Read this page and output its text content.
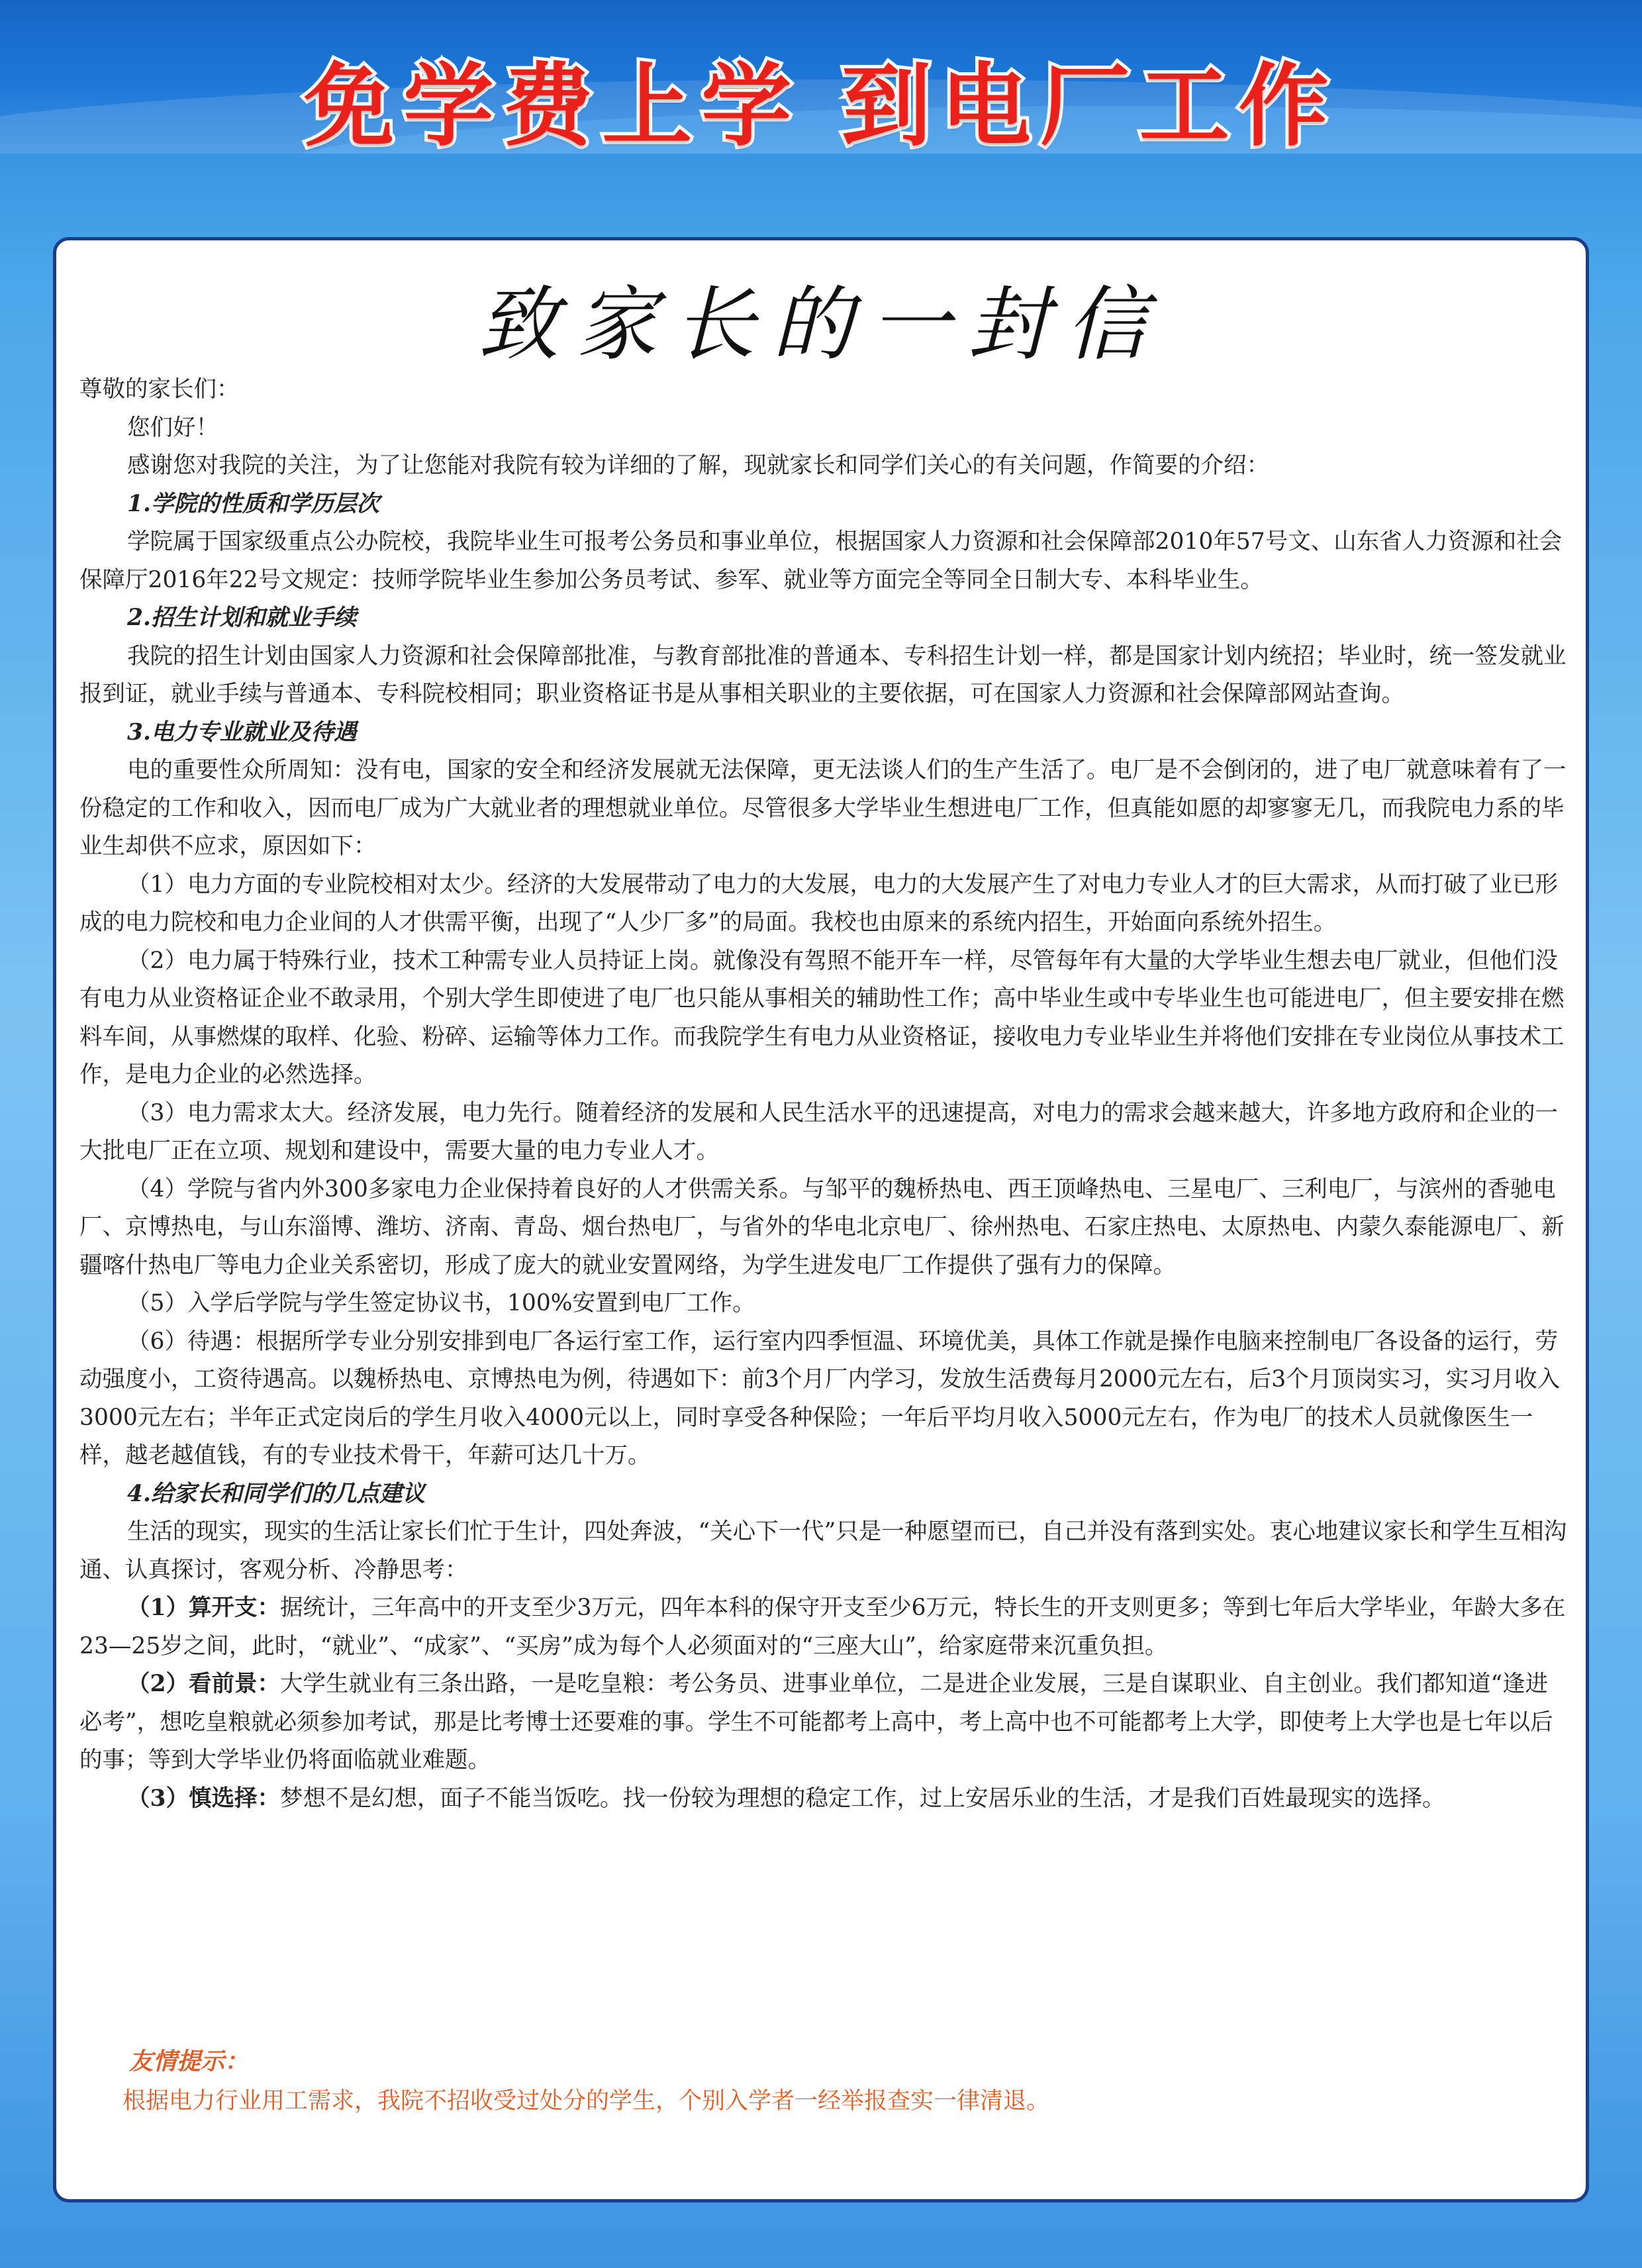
免学费上学 到电厂工作
致家长的一封信

尊敬的家长们：

您们好！

感谢您对我院的关注，为了让您能对我院有较为详细的了解，现就家长和同学们关心的有关问题，作简要的介绍：

1.学院的性质和学历层次

学院属于国家级重点公办院校，我院毕业生可报考公务员和事业单位，根据国家人力资源和社会保障部2010年57号文、山东省人力资源和社会保障厅2016年22号文规定：技师学院毕业生参加公务员考试、参军、就业等方面完全等同全日制大专、本科毕业生。

2.招生计划和就业手续

我院的招生计划由国家人力资源和社会保障部批准，与教育部批准的普通本、专科招生计划一样，都是国家计划内统招；毕业时，统一签发就业报到证，就业手续与普通本、专科院校相同；职业资格证书是从事相关职业的主要依据，可在国家人力资源和社会保障部网站查询。

3.电力专业就业及待遇

电的重要性众所周知：没有电，国家的安全和经济发展就无法保障，更无法谈人们的生产生活了。电厂是不会倒闭的，进了电厂就意味着有了一份稳定的工作和收入，因而电厂成为广大就业者的理想就业单位。尽管很多大学毕业生想进电厂工作，但真能如愿的却寥寥无几，而我院电力系的毕业生却供不应求，原因如下：

（1）电力方面的专业院校相对太少。经济的大发展带动了电力的大发展，电力的大发展产生了对电力专业人才的巨大需求，从而打破了业已形成的电力院校和电力企业间的人才供需平衡，出现了“人少厂多”的局面。我校也由原来的系统内招生，开始面向系统外招生。

（2）电力属于特殊行业，技术工种需专业人员持证上岗。就像没有驾照不能开车一样，尽管每年有大量的大学毕业生想去电厂就业，但他们没有电力从业资格证企业不敢录用，个别大学生即使进了电厂也只能从事相关的辅助性工作；高中毕业生或中专毕业生也可能进电厂，但主要安排在燃料车间，从事燃煤的取样、化验、粉碎、运输等体力工作。而我院学生有电力从业资格证，接收电力专业毕业生并将他们安排在专业岗位从事技术工作，是电力企业的必然选择。

（3）电力需求太大。经济发展，电力先行。随着经济的发展和人民生活水平的迅速提高，对电力的需求会越来越大，许多地方政府和企业的一大批电厂正在立项、规划和建设中，需要大量的电力专业人才。

（4）学院与省内外300多家电力企业保持着良好的人才供需关系。与邹平的魏桥热电、西王顶峰热电、三星电厂、三利电厂，与滨州的香驰电厂、京博热电，与山东淄博、潍坊、济南、青岛、烟台热电厂，与省外的华电北京电厂、徐州热电、石家庄热电、太原热电、内蒙久泰能源电厂、新疆喀什热电厂等电力企业关系密切，形成了庞大的就业安置网络，为学生进发电厂工作提供了强有力的保障。

（5）入学后学院与学生签定协议书，100%安置到电厂工作。

（6）待遇：根据所学专业分别安排到电厂各运行室工作，运行室内四季恒温、环境优美，具体工作就是操作电脑来控制电厂各设备的运行，劳动强度小，工资待遇高。以魏桥热电、京博热电为例，待遇如下：前3个月厂内学习，发放生活费每月2000元左右，后3个月顶岗实习，实习月收入3000元左右；半年正式定岗后的学生月收入4000元以上，同时享受各种保险；一年后平均月收入5000元左右，作为电厂的技术人员就像医生一样，越老越值钱，有的专业技术骨干，年薪可达几十万。

4.给家长和同学们的几点建议

生活的现实，现实的生活让家长们忙于生计，四处奔波，“关心下一代”只是一种愿望而已，自己并没有落到实处。衷心地建议家长和学生互相沟通、认真探讨，客观分析、冷静思考：

（1）算开支：据统计，三年高中的开支至少3万元，四年本科的保守开支至少6万元，特长生的开支则更多；等到七年后大学毕业，年龄大多在23—25岁之间，此时，“就业”、“成家”、“买房”成为每个人必须面对的“三座大山”，给家庭带来沉重负担。

（2）看前景：大学生就业有三条出路，一是吃皇粮：考公务员、进事业单位，二是进企业发展，三是自谋职业、自主创业。我们都知道“逢进必考”，想吃皇粮就必须参加考试，那是比考博士还要难的事。学生不可能都考上高中，考上高中也不可能都考上大学，即使考上大学也是七年以后的事；等到大学毕业仍将面临就业难题。

（3）慎选择：梦想不是幻想，面子不能当饭吃。找一份较为理想的稳定工作，过上安居乐业的生活，才是我们百姓最现实的选择。

友情提示：
根据电力行业用工需求，我院不招收受过处分的学生，个别入学者一经举报查实一律清退。
